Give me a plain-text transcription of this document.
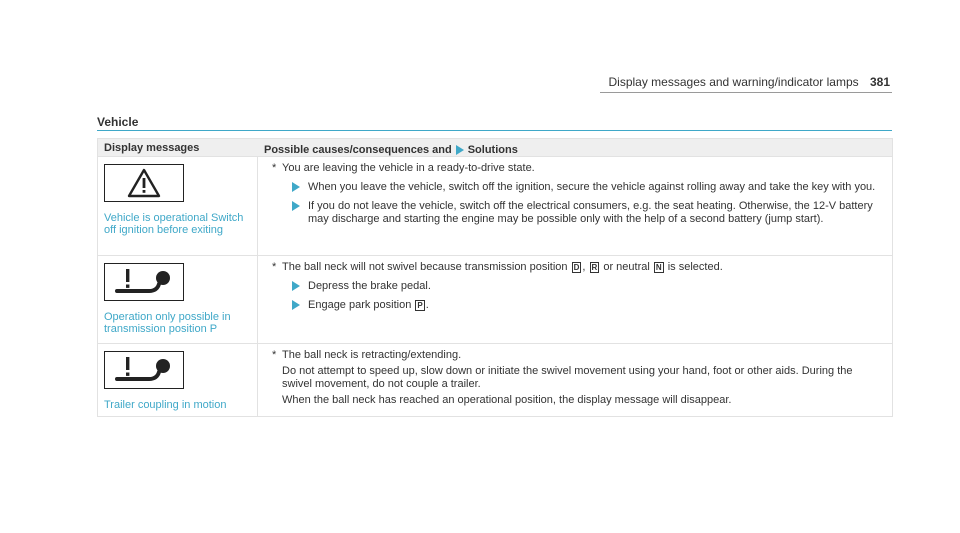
Display messages and warning/indicator lamps 381
Vehicle
Display messages	Possible causes/consequences and Solutions
Vehicle is operational Switch off ignition before exiting
* You are leaving the vehicle in a ready-to-drive state.
When you leave the vehicle, switch off the ignition, secure the vehicle against rolling away and take the key with you.
If you do not leave the vehicle, switch off the electrical consumers, e.g. the seat heating. Otherwise, the 12-V battery may discharge and starting the engine may be possible only with the help of a second battery (jump start).
Operation only possible in transmission position P
* The ball neck will not swivel because transmission position D , R or neutral N is selected.
Depress the brake pedal.
Engage park position P .
Trailer coupling in motion
* The ball neck is retracting/extending.
Do not attempt to speed up, slow down or initiate the swivel movement using your hand, foot or other aids. During the swivel movement, do not couple a trailer.
When the ball neck has reached an operational position, the display message will disappear.
